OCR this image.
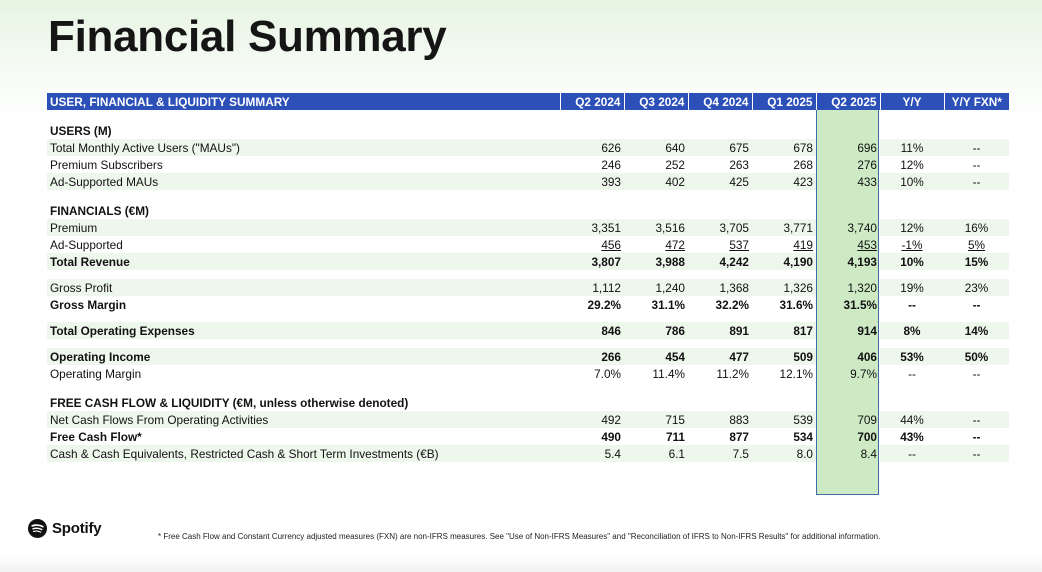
Financial Summary
USER, FINANCIAL & LIQUIDITY SUMMARY	Q2 2024	Q3 2024	Q4 2024	Q1 2025	Q2 2025	Y/Y	Y/Y FXN*

USERS (M)							
Total Monthly Active Users ("MAUs")	626	640	675	678	696	11%	--
Premium Subscribers	246	252	263	268	276	12%	--
Ad-Supported MAUs	393	402	425	423	433	10%	--

FINANCIALS (€M)							
Premium	3,351	3,516	3,705	3,771	3,740	12%	16%
Ad-Supported	456	472	537	419	453	-1%	5%
Total Revenue	3,807	3,988	4,242	4,190	4,193	10%	15%

Gross Profit	1,112	1,240	1,368	1,326	1,320	19%	23%
Gross Margin	29.2%	31.1%	32.2%	31.6%	31.5%	--	--

Total Operating Expenses	846	786	891	817	914	8%	14%

Operating Income	266	454	477	509	406	53%	50%
Operating Margin	7.0%	11.4%	11.2%	12.1%	9.7%	--	--

FREE CASH FLOW & LIQUIDITY (€M, unless otherwise denoted)							
Net Cash Flows From Operating Activities	492	715	883	539	709	44%	--
Free Cash Flow*	490	711	877	534	700	43%	--
Cash & Cash Equivalents, Restricted Cash & Short Term Investments (€B)	5.4	6.1	7.5	8.0	8.4	--	--
Spotify	* Free Cash Flow and Constant Currency adjusted measures (FXN) are non-IFRS measures. See "Use of Non-IFRS Measures" and "Reconciliation of IFRS to Non-IFRS Results" for additional information.
